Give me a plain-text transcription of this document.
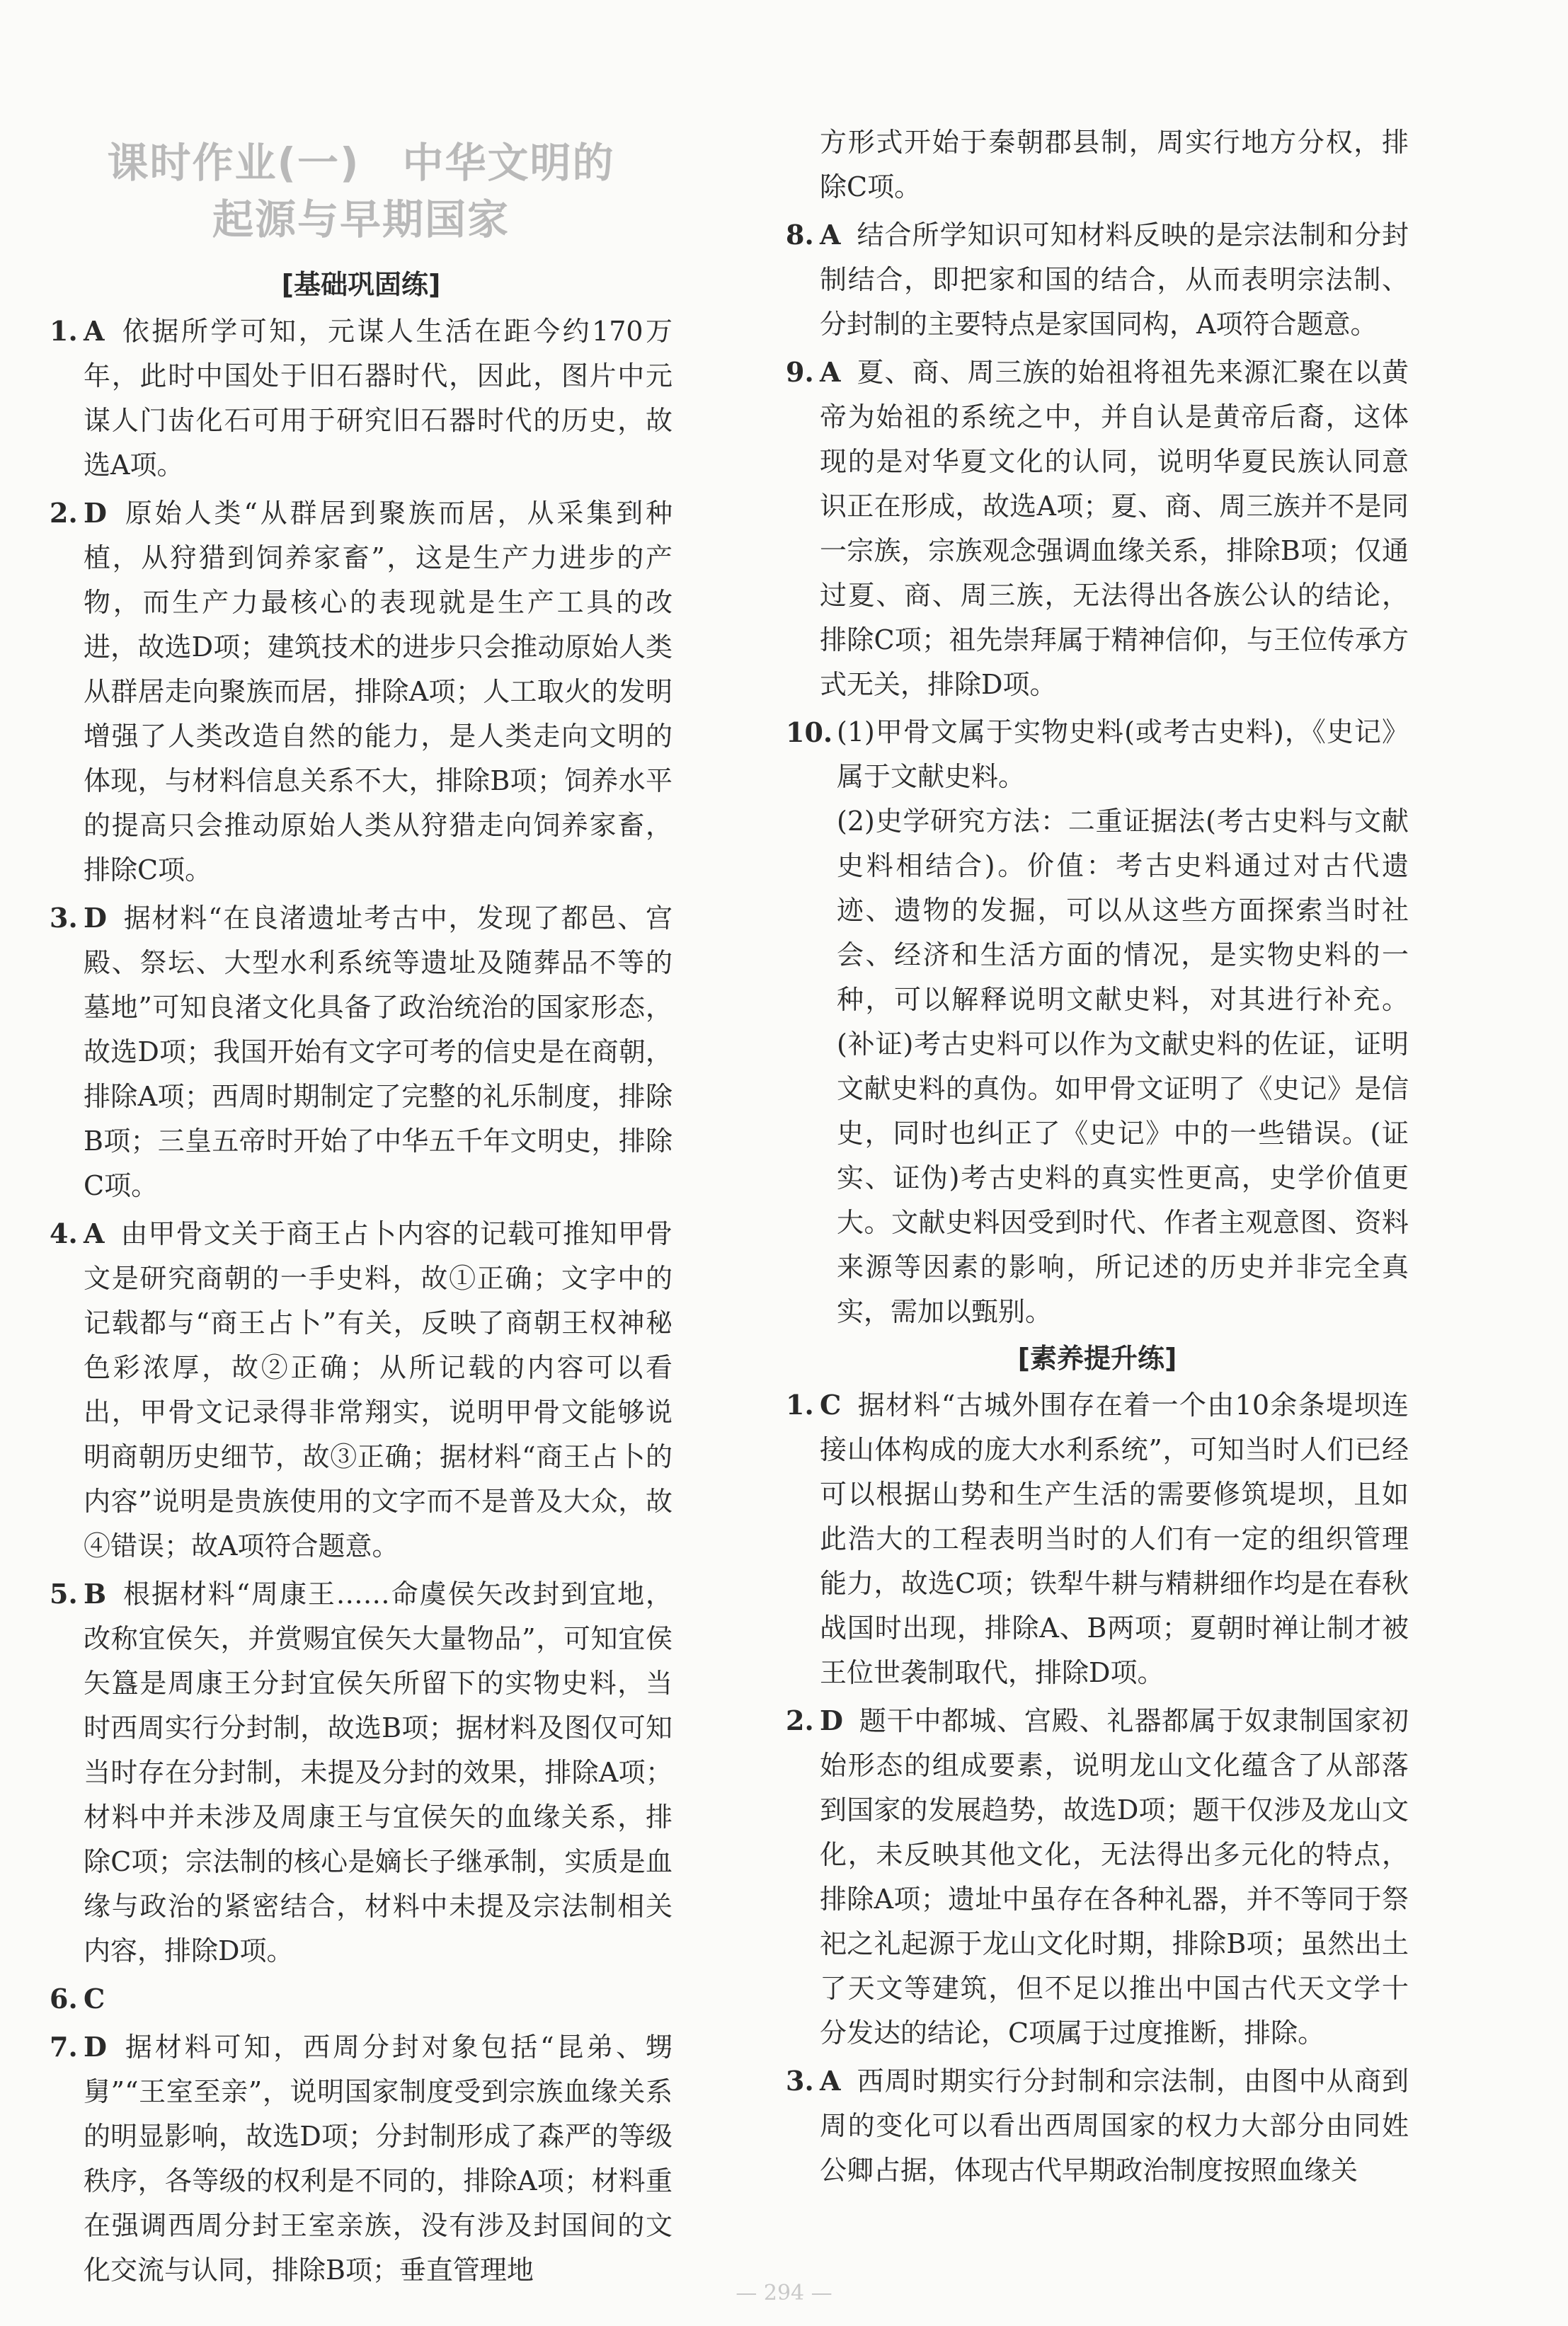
课时作业(一)　中华文明的
起源与早期国家
[基础巩固练]
1. A 依据所学可知，元谋人生活在距今约170万年，此时中国处于旧石器时代，因此，图片中元谋人门齿化石可用于研究旧石器时代的历史，故选A项。
2. D 原始人类“从群居到聚族而居，从采集到种植，从狩猎到饲养家畜”，这是生产力进步的产物，而生产力最核心的表现就是生产工具的改进，故选D项；建筑技术的进步只会推动原始人类从群居走向聚族而居，排除A项；人工取火的发明增强了人类改造自然的能力，是人类走向文明的体现，与材料信息关系不大，排除B项；饲养水平的提高只会推动原始人类从狩猎走向饲养家畜，排除C项。
3. D 据材料“在良渚遗址考古中，发现了都邑、宫殿、祭坛、大型水利系统等遗址及随葬品不等的墓地”可知良渚文化具备了政治统治的国家形态，故选D项；我国开始有文字可考的信史是在商朝，排除A项；西周时期制定了完整的礼乐制度，排除B项；三皇五帝时开始了中华五千年文明史，排除C项。
4. A 由甲骨文关于商王占卜内容的记载可推知甲骨文是研究商朝的一手史料，故①正确；文字中的记载都与“商王占卜”有关，反映了商朝王权神秘色彩浓厚，故②正确；从所记载的内容可以看出，甲骨文记录得非常翔实，说明甲骨文能够说明商朝历史细节，故③正确；据材料“商王占卜的内容”说明是贵族使用的文字而不是普及大众，故④错误；故A项符合题意。
5. B 根据材料“周康王……命虞侯矢改封到宜地，改称宜侯矢，并赏赐宜侯矢大量物品”，可知宜侯矢簋是周康王分封宜侯矢所留下的实物史料，当时西周实行分封制，故选B项；据材料及图仅可知当时存在分封制，未提及分封的效果，排除A项；材料中并未涉及周康王与宜侯矢的血缘关系，排除C项；宗法制的核心是嫡长子继承制，实质是血缘与政治的紧密结合，材料中未提及宗法制相关内容，排除D项。
6. C
7. D 据材料可知，西周分封对象包括“昆弟、甥舅”“王室至亲”，说明国家制度受到宗族血缘关系的明显影响，故选D项；分封制形成了森严的等级秩序，各等级的权利是不同的，排除A项；材料重在强调西周分封王室亲族，没有涉及封国间的文化交流与认同，排除B项；垂直管理地
方形式开始于秦朝郡县制，周实行地方分权，排除C项。
8. A 结合所学知识可知材料反映的是宗法制和分封制结合，即把家和国的结合，从而表明宗法制、分封制的主要特点是家国同构，A项符合题意。
9. A 夏、商、周三族的始祖将祖先来源汇聚在以黄帝为始祖的系统之中，并自认是黄帝后裔，这体现的是对华夏文化的认同，说明华夏民族认同意识正在形成，故选A项；夏、商、周三族并不是同一宗族，宗族观念强调血缘关系，排除B项；仅通过夏、商、周三族，无法得出各族公认的结论，排除C项；祖先崇拜属于精神信仰，与王位传承方式无关，排除D项。
10. (1)甲骨文属于实物史料(或考古史料)，《史记》属于文献史料。
(2)史学研究方法：二重证据法(考古史料与文献史料相结合)。价值：考古史料通过对古代遗迹、遗物的发掘，可以从这些方面探索当时社会、经济和生活方面的情况，是实物史料的一种，可以解释说明文献史料，对其进行补充。(补证)考古史料可以作为文献史料的佐证，证明文献史料的真伪。如甲骨文证明了《史记》是信史，同时也纠正了《史记》中的一些错误。(证实、证伪)考古史料的真实性更高，史学价值更大。文献史料因受到时代、作者主观意图、资料来源等因素的影响，所记述的历史并非完全真实，需加以甄别。
[素养提升练]
1. C 据材料“古城外围存在着一个由10余条堤坝连接山体构成的庞大水利系统”，可知当时人们已经可以根据山势和生产生活的需要修筑堤坝，且如此浩大的工程表明当时的人们有一定的组织管理能力，故选C项；铁犁牛耕与精耕细作均是在春秋战国时出现，排除A、B两项；夏朝时禅让制才被王位世袭制取代，排除D项。
2. D 题干中都城、宫殿、礼器都属于奴隶制国家初始形态的组成要素，说明龙山文化蕴含了从部落到国家的发展趋势，故选D项；题干仅涉及龙山文化，未反映其他文化，无法得出多元化的特点，排除A项；遗址中虽存在各种礼器，并不等同于祭祀之礼起源于龙山文化时期，排除B项；虽然出土了天文等建筑，但不足以推出中国古代天文学十分发达的结论，C项属于过度推断，排除。
3. A 西周时期实行分封制和宗法制，由图中从商到周的变化可以看出西周国家的权力大部分由同姓公卿占据，体现古代早期政治制度按照血缘关
— 294 —
